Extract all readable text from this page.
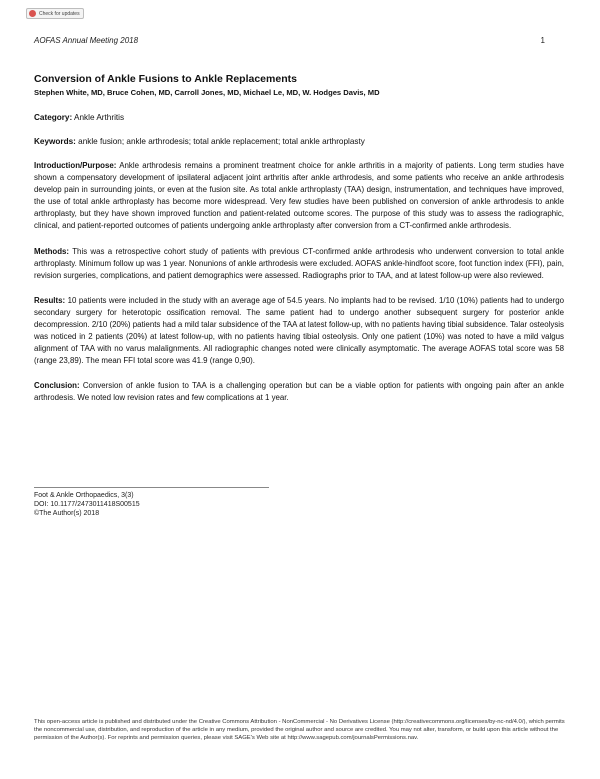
Check for updates
AOFAS Annual Meeting 2018	1
Conversion of Ankle Fusions to Ankle Replacements

Stephen White, MD, Bruce Cohen, MD, Carroll Jones, MD, Michael Le, MD, W. Hodges Davis, MD

Category: Ankle Arthritis

Keywords: ankle fusion; ankle arthrodesis; total ankle replacement; total ankle arthroplasty

Introduction/Purpose: Ankle arthrodesis remains a prominent treatment choice for ankle arthritis in a majority of patients. Long term studies have shown a compensatory development of ipsilateral adjacent joint arthritis after ankle arthrodesis, and some patients who receive an ankle arthrodesis develop pain in surrounding joints, or even at the fusion site. As total ankle arthroplasty (TAA) design, instrumentation, and techniques have improved, the use of total ankle arthroplasty has become more widespread. Very few studies have been published on conversion of ankle arthrodesis to ankle arthroplasty, but they have shown improved function and patient-related outcome scores. The purpose of this study was to assess the radiographic, clinical, and patient-reported outcomes of patients undergoing ankle arthroplasty after conversion from a CT-confirmed ankle arthrodesis.

Methods: This was a retrospective cohort study of patients with previous CT-confirmed ankle arthrodesis who underwent conversion to total ankle arthroplasty. Minimum follow up was 1 year. Nonunions of ankle arthrodesis were excluded. AOFAS ankle-hindfoot score, foot function index (FFI), pain, revision surgeries, complications, and patient demographics were assessed. Radiographs prior to TAA, and at latest follow-up were also reviewed.

Results: 10 patients were included in the study with an average age of 54.5 years. No implants had to be revised. 1/10 (10%) patients had to undergo secondary surgery for heterotopic ossification removal. The same patient had to undergo another subsequent surgery for posterior ankle decompression. 2/10 (20%) patients had a mild talar subsidence of the TAA at latest follow-up, with no patients having tibial subsidence. Talar osteolysis was noticed in 2 patients (20%) at latest follow-up, with no patients having tibial osteolysis. Only one patient (10%) was noted to have a mild valgus alignment of TAA with no varus malalignments. All radiographic changes noted were clinically asymptomatic. The average AOFAS total score was 58 (range 23,89). The mean FFI total score was 41.9 (range 0,90).

Conclusion: Conversion of ankle fusion to TAA is a challenging operation but can be a viable option for patients with ongoing pain after an ankle arthrodesis. We noted low revision rates and few complications at 1 year.

Foot & Ankle Orthopaedics, 3(3)
DOI: 10.1177/2473011418S00515
©The Author(s) 2018

This open-access article is published and distributed under the Creative Commons Attribution - NonCommercial - No Derivatives License (http://creativecommons.org/licenses/by-nc-nd/4.0/), which permits the noncommercial use, distribution, and reproduction of the article in any medium, provided the original author and source are credited. You may not alter, transform, or build upon this article without the permission of the Author(s). For reprints and permission queries, please visit SAGE's Web site at http://www.sagepub.com/journalsPermissions.nav.
